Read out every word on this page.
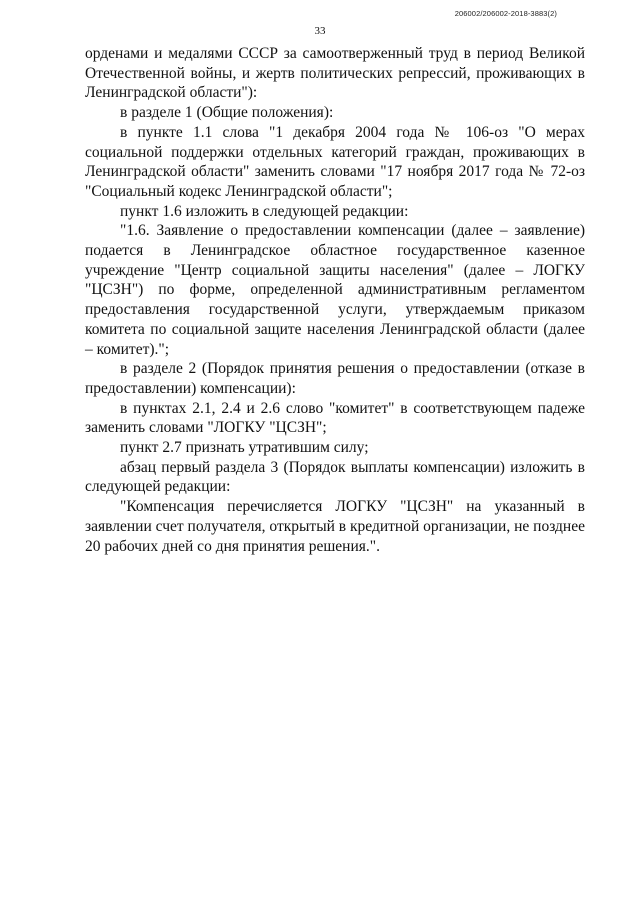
206002/206002-2018-3883(2)
33

орденами и медалями СССР за самоотверженный труд в период Великой Отечественной войны, и жертв политических репрессий, проживающих в Ленинградской области"):

в разделе 1 (Общие положения):

в пункте 1.1 слова "1 декабря 2004 года № 106-оз "О мерах социальной поддержки отдельных категорий граждан, проживающих в Ленинградской области" заменить словами "17 ноября 2017 года № 72-оз "Социальный кодекс Ленинградской области";

пункт 1.6 изложить в следующей редакции:

"1.6. Заявление о предоставлении компенсации (далее – заявление) подается в Ленинградское областное государственное казенное учреждение "Центр социальной защиты населения" (далее – ЛОГКУ "ЦСЗН") по форме, определенной административным регламентом предоставления государственной услуги, утверждаемым приказом комитета по социальной защите населения Ленинградской области (далее – комитет).";

в разделе 2 (Порядок принятия решения о предоставлении (отказе в предоставлении) компенсации):

в пунктах 2.1, 2.4 и 2.6 слово "комитет" в соответствующем падеже заменить словами "ЛОГКУ "ЦСЗН";

пункт 2.7 признать утратившим силу;

абзац первый раздела 3 (Порядок выплаты компенсации) изложить в следующей редакции:

"Компенсация перечисляется ЛОГКУ "ЦСЗН" на указанный в заявлении счет получателя, открытый в кредитной организации, не позднее 20 рабочих дней со дня принятия решения.".
